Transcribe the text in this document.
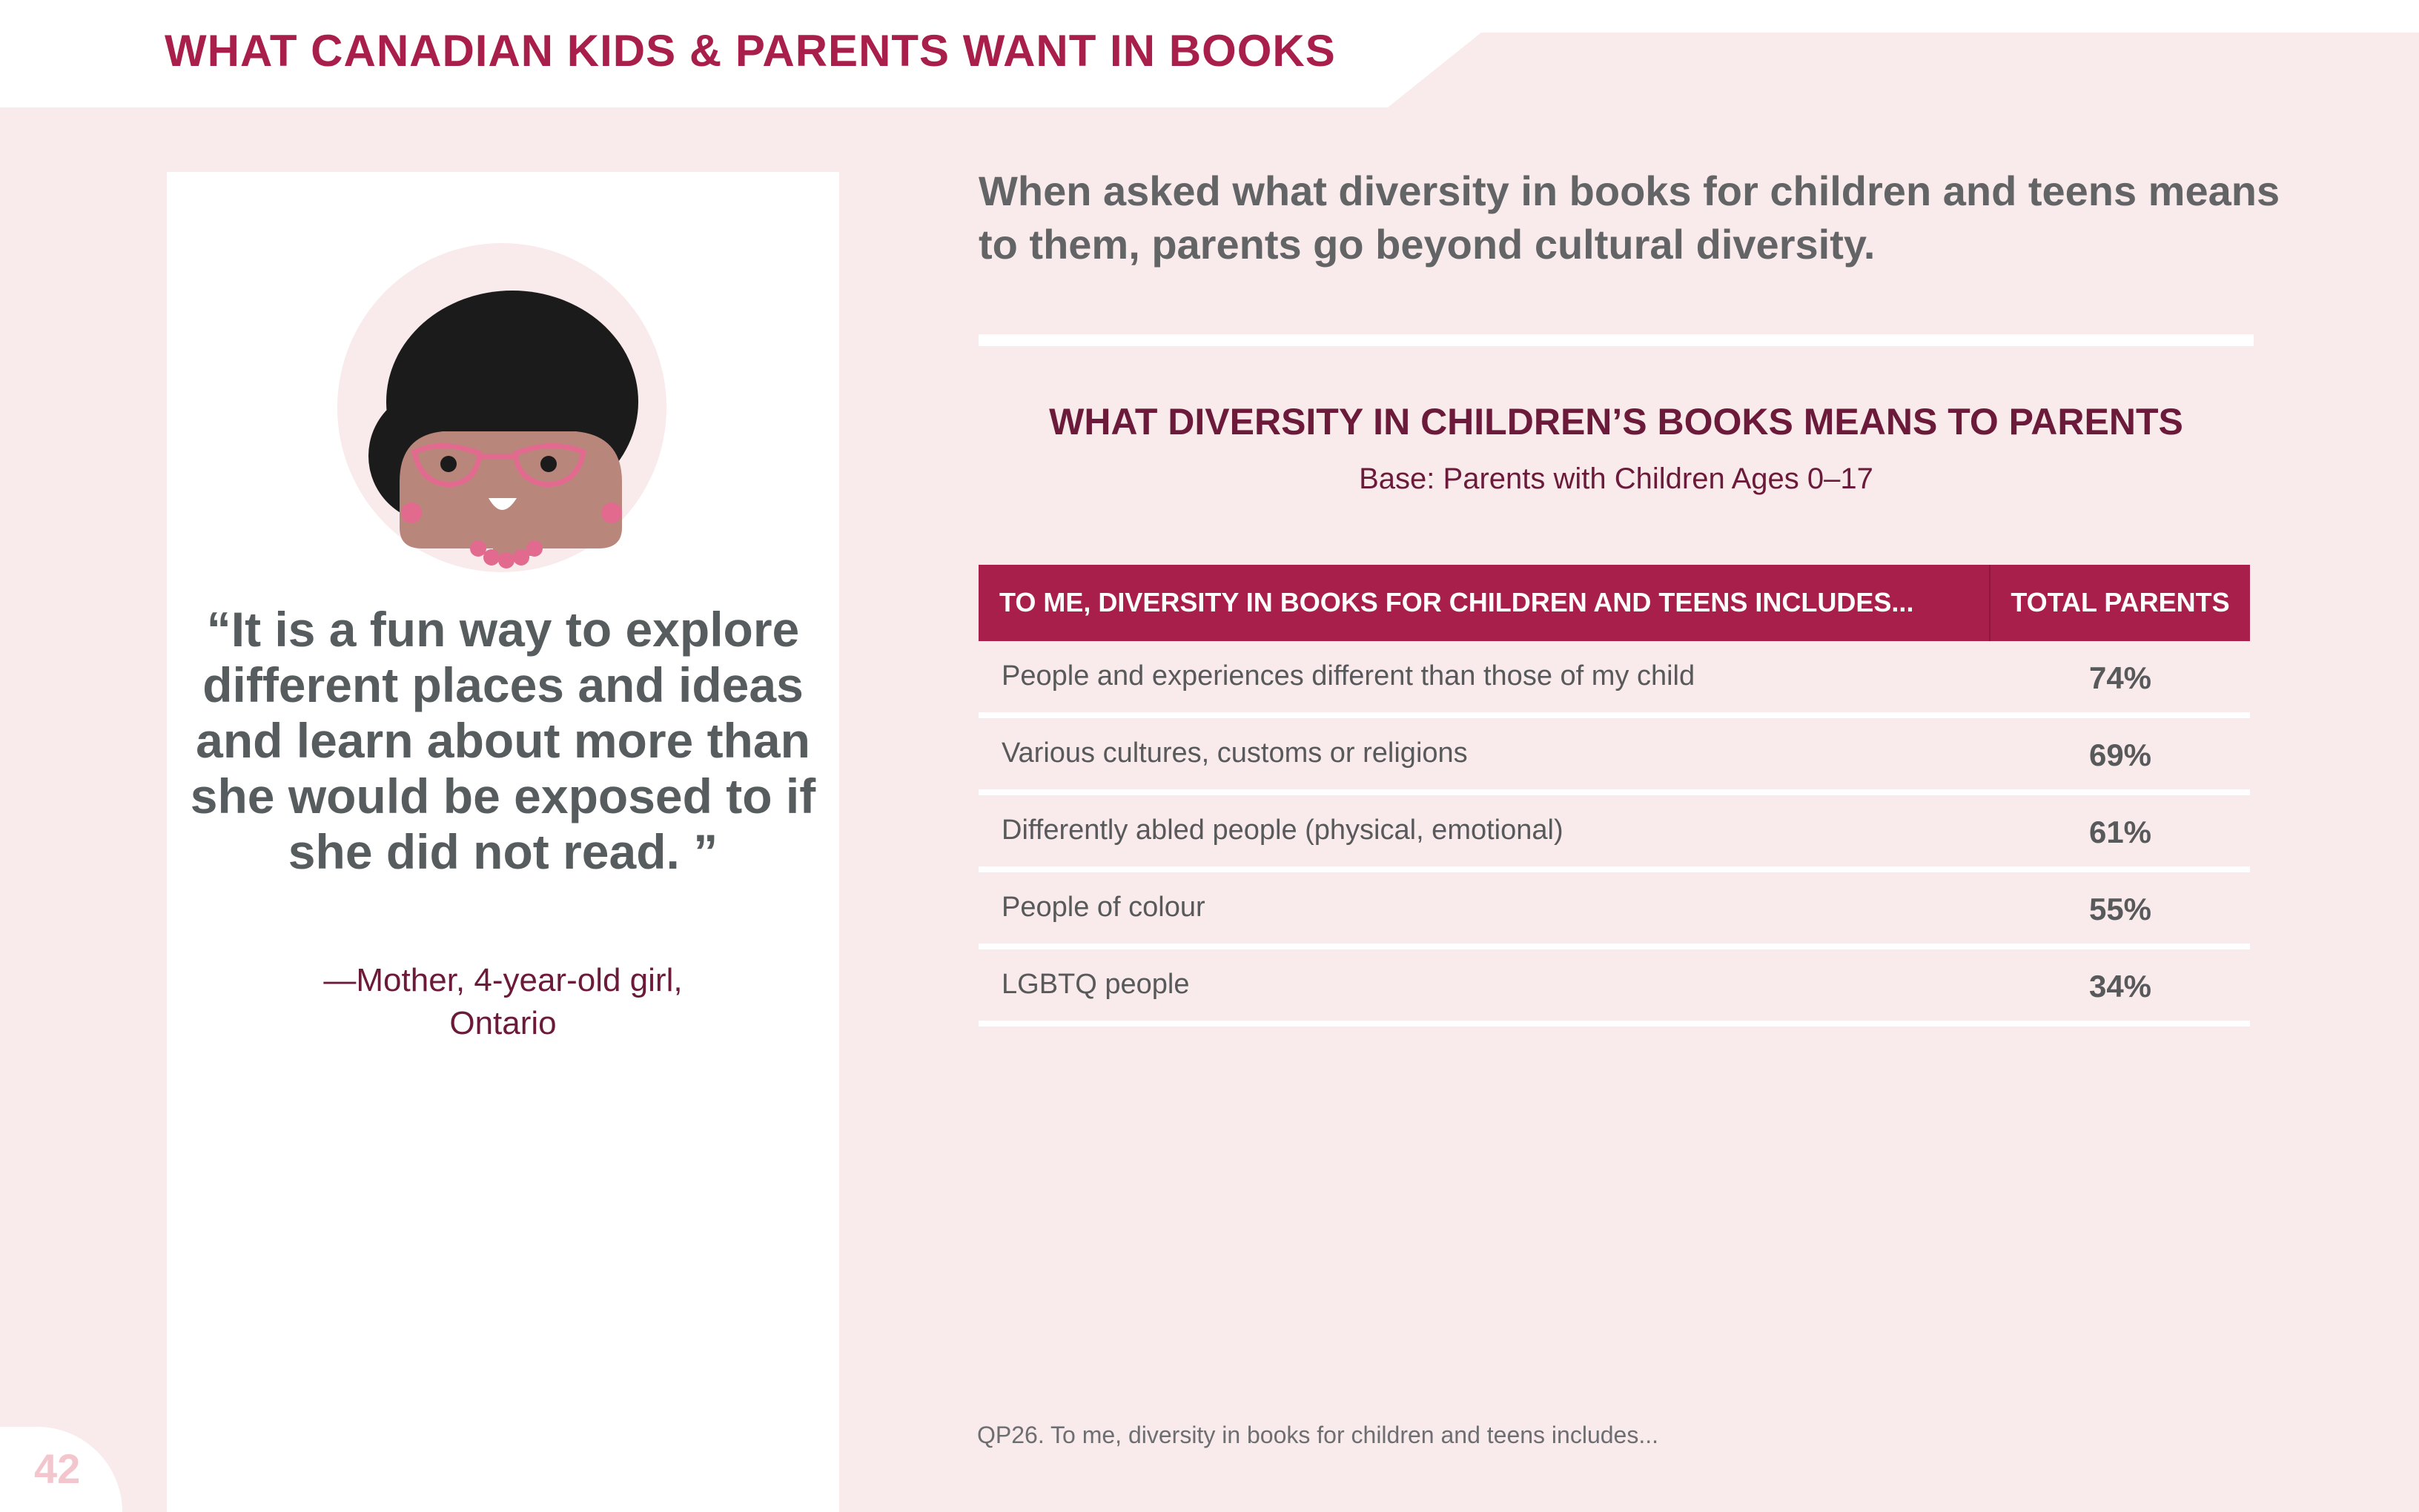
WHAT CANADIAN KIDS & PARENTS WANT IN BOOKS

“It is a fun way to explore different places and ideas and learn about more than she would be exposed to if she did not read. ”

—Mother, 4-year-old girl,
Ontario
42

When asked what diversity in books for children and teens means to them, parents go beyond cultural diversity.

WHAT DIVERSITY IN CHILDREN’S BOOKS MEANS TO PARENTS
Base: Parents with Children Ages 0–17
TO ME, DIVERSITY IN BOOKS FOR CHILDREN AND TEENS INCLUDES...	TOTAL PARENTS
People and experiences different than those of my child	74%
Various cultures, customs or religions	69%
Differently abled people (physical, emotional)	61%
People of colour	55%
LGBTQ people	34%
QP26. To me, diversity in books for children and teens includes...
